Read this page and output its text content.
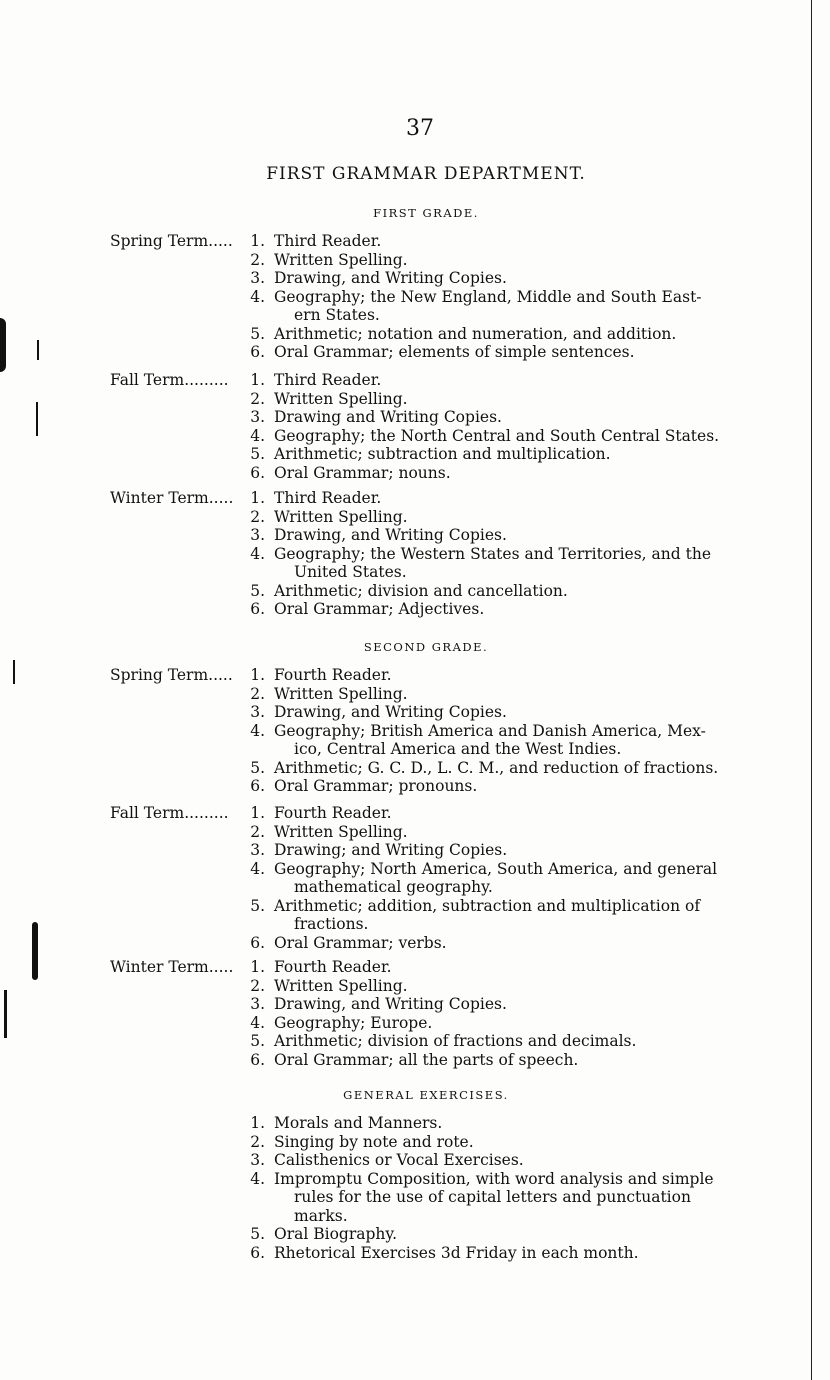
37
FIRST GRAMMAR DEPARTMENT.
FIRST GRADE.
Spring Term.....	1. Third Reader.
2. Written Spelling.
3. Drawing, and Writing Copies.
4. Geography; the New England, Middle and South East-
ern States.
5. Arithmetic; notation and numeration, and addition.
6. Oral Grammar; elements of simple sentences.
Fall Term.........	1. Third Reader.
2. Written Spelling.
3. Drawing and Writing Copies.
4. Geography; the North Central and South Central States.
5. Arithmetic; subtraction and multiplication.
6. Oral Grammar; nouns.
Winter Term.....	1. Third Reader.
2. Written Spelling.
3. Drawing, and Writing Copies.
4. Geography; the Western States and Territories, and the
United States.
5. Arithmetic; division and cancellation.
6. Oral Grammar; Adjectives.
SECOND GRADE.
Spring Term.....	1. Fourth Reader.
2. Written Spelling.
3. Drawing, and Writing Copies.
4. Geography; British America and Danish America, Mex-
ico, Central America and the West Indies.
5. Arithmetic; G. C. D., L. C. M., and reduction of fractions.
6. Oral Grammar; pronouns.
Fall Term.........	1. Fourth Reader.
2. Written Spelling.
3. Drawing; and Writing Copies.
4. Geography; North America, South America, and general
mathematical geography.
5. Arithmetic; addition, subtraction and multiplication of
fractions.
6. Oral Grammar; verbs.
Winter Term.....	1. Fourth Reader.
2. Written Spelling.
3. Drawing, and Writing Copies.
4. Geography; Europe.
5. Arithmetic; division of fractions and decimals.
6. Oral Grammar; all the parts of speech.
GENERAL EXERCISES.
1. Morals and Manners.
2. Singing by note and rote.
3. Calisthenics or Vocal Exercises.
4. Impromptu Composition, with word analysis and simple
rules for the use of capital letters and punctuation
marks.
5. Oral Biography.
6. Rhetorical Exercises 3d Friday in each month.
